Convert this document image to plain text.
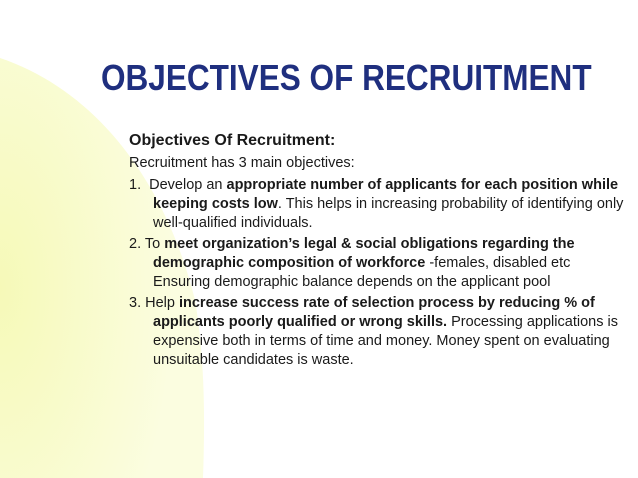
OBJECTIVES OF RECRUITMENT

Objectives Of Recruitment:

Recruitment has 3 main objectives:

1. Develop an appropriate number of applicants for each position while keeping costs low. This helps in increasing probability of identifying only well-qualified individuals.

2. To meet organization’s legal & social obligations regarding the demographic composition of workforce -females, disabled etc Ensuring demographic balance depends on the applicant pool

3. Help increase success rate of selection process by reducing % of applicants poorly qualified or wrong skills. Processing applications is expensive both in terms of time and money. Money spent on evaluating unsuitable candidates is waste.
